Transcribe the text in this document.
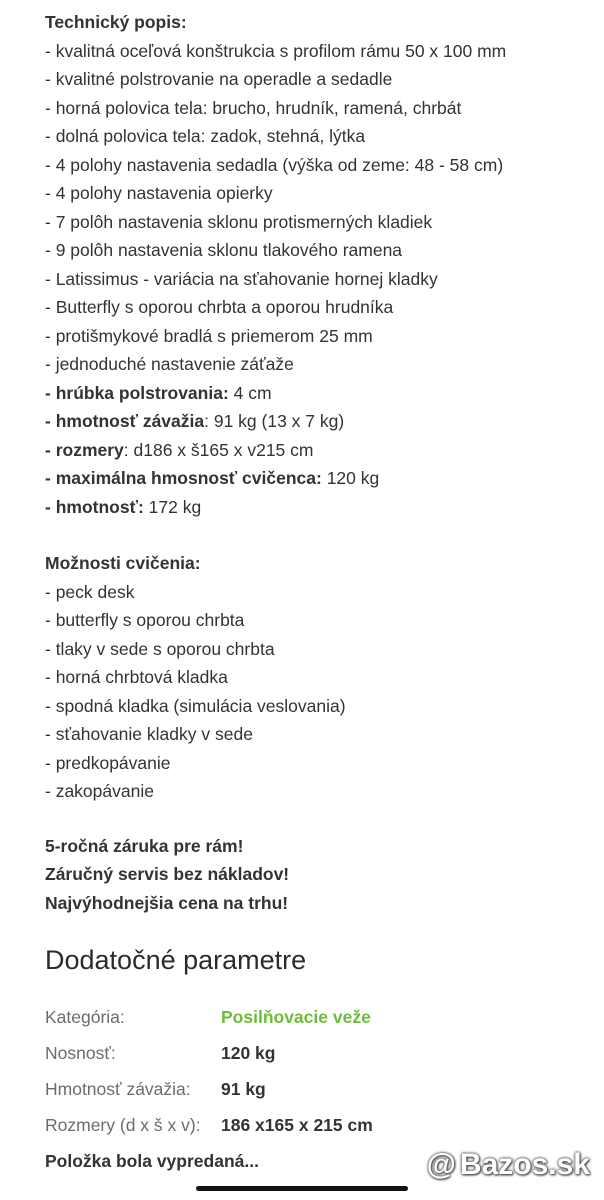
Technický popis:
- kvalitná oceľová konštrukcia s profilom rámu 50 x 100 mm
- kvalitné polstrovanie na operadle a sedadle
- horná polovica tela: brucho, hrudník, ramená, chrbát
- dolná polovica tela: zadok, stehná, lýtka
- 4 polohy nastavenia sedadla (výška od zeme: 48 - 58 cm)
- 4 polohy nastavenia opierky
- 7 polôh nastavenia sklonu protismerných kladiek
- 9 polôh nastavenia sklonu tlakového ramena
- Latissimus - variácia na sťahovanie hornej kladky
- Butterfly s oporou chrbta a oporou hrudníka
- protišmykové bradlá s priemerom 25 mm
- jednoduché nastavenie záťaže
- hrúbka polstrovania: 4 cm
- hmotnosť závažia: 91 kg (13 x 7 kg)
- rozmery: d186 x š165 x v215 cm
- maximálna hmosnosť cvičenca: 120 kg
- hmotnosť: 172 kg
Možnosti cvičenia:
- peck desk
- butterfly s oporou chrbta
- tlaky v sede s oporou chrbta
- horná chrbtová kladka
- spodná kladka (simulácia veslovania)
- sťahovanie kladky v sede
- predkopávanie
- zakopávanie
5-ročná záruka pre rám!
Záručný servis bez nákladov!
Najvýhodnejšia cena na trhu!
Dodatočné parametre
Kategória:	Posilňovacie veže
Nosnosť:	120 kg
Hmotnosť závažia:	91 kg
Rozmery (d x š x v):	186 x165 x 215 cm
Položka bola vypredaná...	@ Bazos.sk
